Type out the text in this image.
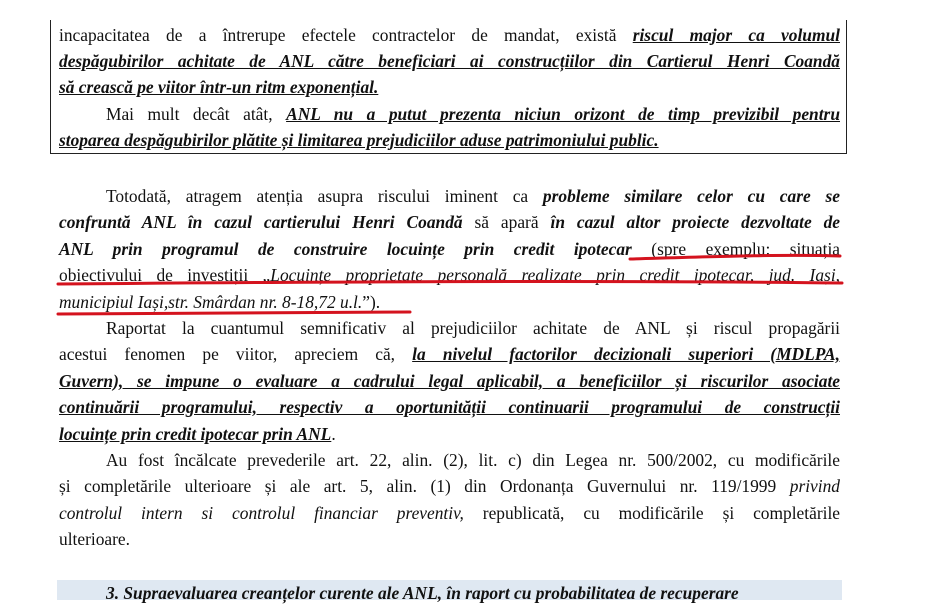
incapacitatea de a întrerupe efectele contractelor de mandat, există riscul major ca volumul
despăgubirilor achitate de ANL către beneficiari ai construcțiilor din Cartierul Henri Coandă
să crească pe viitor într-un ritm exponențial.
Mai mult decât atât, ANL nu a putut prezenta niciun orizont de timp previzibil pentru
stoparea despăgubirilor plătite și limitarea prejudiciilor aduse patrimoniului public.
Totodată, atragem atenția asupra riscului iminent ca probleme similare celor cu care se
confruntă ANL în cazul cartierului Henri Coandă să apară în cazul altor proiecte dezvoltate de
ANL prin programul de construire locuințe prin credit ipotecar (spre exemplu: situația
obiectivului de investiții „Locuințe proprietate personală realizate prin credit ipotecar, jud. Iași,
municipiul Iași,str. Smârdan nr. 8-18,72 u.l.”).
Raportat la cuantumul semnificativ al prejudiciilor achitate de ANL și riscul propagării
acestui fenomen pe viitor, apreciem că, la nivelul factorilor decizionali superiori (MDLPA,
Guvern), se impune o evaluare a cadrului legal aplicabil, a beneficiilor și riscurilor asociate
continuării programului, respectiv a oportunității continuarii programului de construcții
locuințe prin credit ipotecar prin ANL.
Au fost încălcate prevederile art. 22, alin. (2), lit. c) din Legea nr. 500/2002, cu modificările
și completările ulterioare și ale art. 5, alin. (1) din Ordonanța Guvernului nr. 119/1999 privind
controlul intern si controlul financiar preventiv, republicată, cu modificările și completările
ulterioare.
3. Supraevaluarea creanțelor curente ale ANL, în raport cu probabilitatea de recuperare
